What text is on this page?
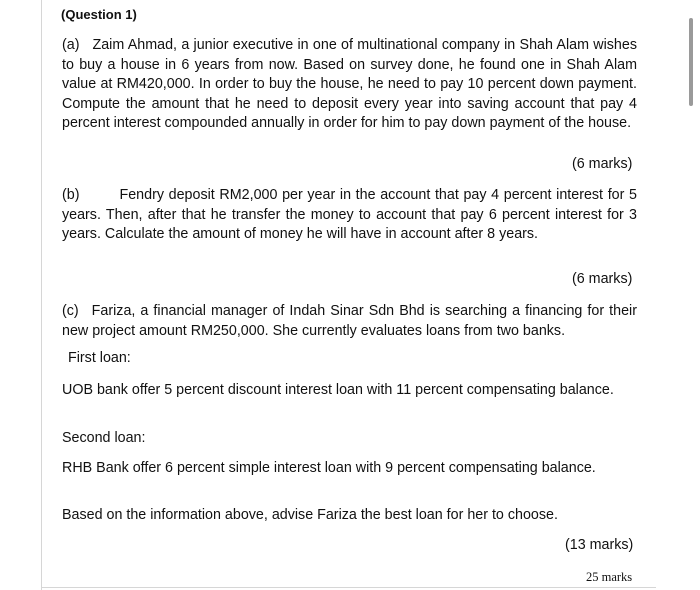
(Question 1)
(a) Zaim Ahmad, a junior executive in one of multinational company in Shah Alam wishes to buy a house in 6 years from now. Based on survey done, he found one in Shah Alam value at RM420,000. In order to buy the house, he need to pay 10 percent down payment. Compute the amount that he need to deposit every year into saving account that pay 4 percent interest compounded annually in order for him to pay down payment of the house.
(6 marks)
(b)	Fendry deposit RM2,000 per year in the account that pay 4 percent interest for 5 years. Then, after that he transfer the money to account that pay 6 percent interest for 3 years. Calculate the amount of money he will have in account after 8 years.
(6 marks)
(c) Fariza, a financial manager of Indah Sinar Sdn Bhd is searching a financing for their new project amount RM250,000. She currently evaluates loans from two banks.
First loan:
UOB bank offer 5 percent discount interest loan with 11 percent compensating balance.
Second loan:
RHB Bank offer 6 percent simple interest loan with 9 percent compensating balance.
Based on the information above, advise Fariza the best loan for her to choose.
(13 marks)
25 marks
